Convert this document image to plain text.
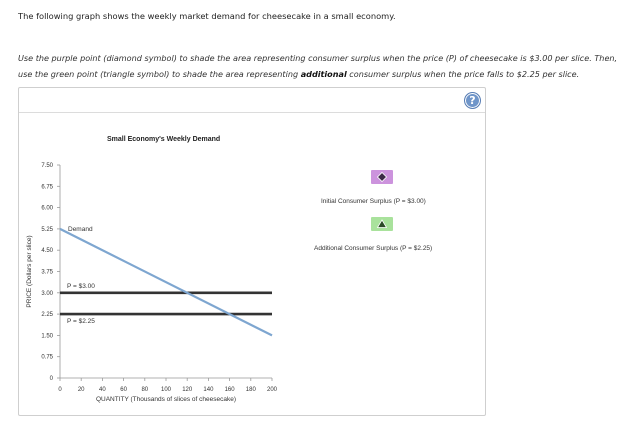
The following graph shows the weekly market demand for cheesecake in a small economy.
Use the purple point (diamond symbol) to shade the area representing consumer surplus when the price (P) of cheesecake is $3.00 per slice. Then, use the green point (triangle symbol) to shade the area representing additional consumer surplus when the price falls to $2.25 per slice.
?
Small Economy's Weekly Demand
0
0.75
1.50
2.25
3.00
3.75
4.50
5.25
6.00
6.75
7.50
0	20 40 60 80 100 120 140 160 180 200
PRICE (Dollars per slice)
QUANTITY (Thousands of slices of cheesecake)
P = $3.00
P = $2.25
Demand
Initial Consumer Surplus (P = $3.00)
Additional Consumer Surplus (P = $2.25)
